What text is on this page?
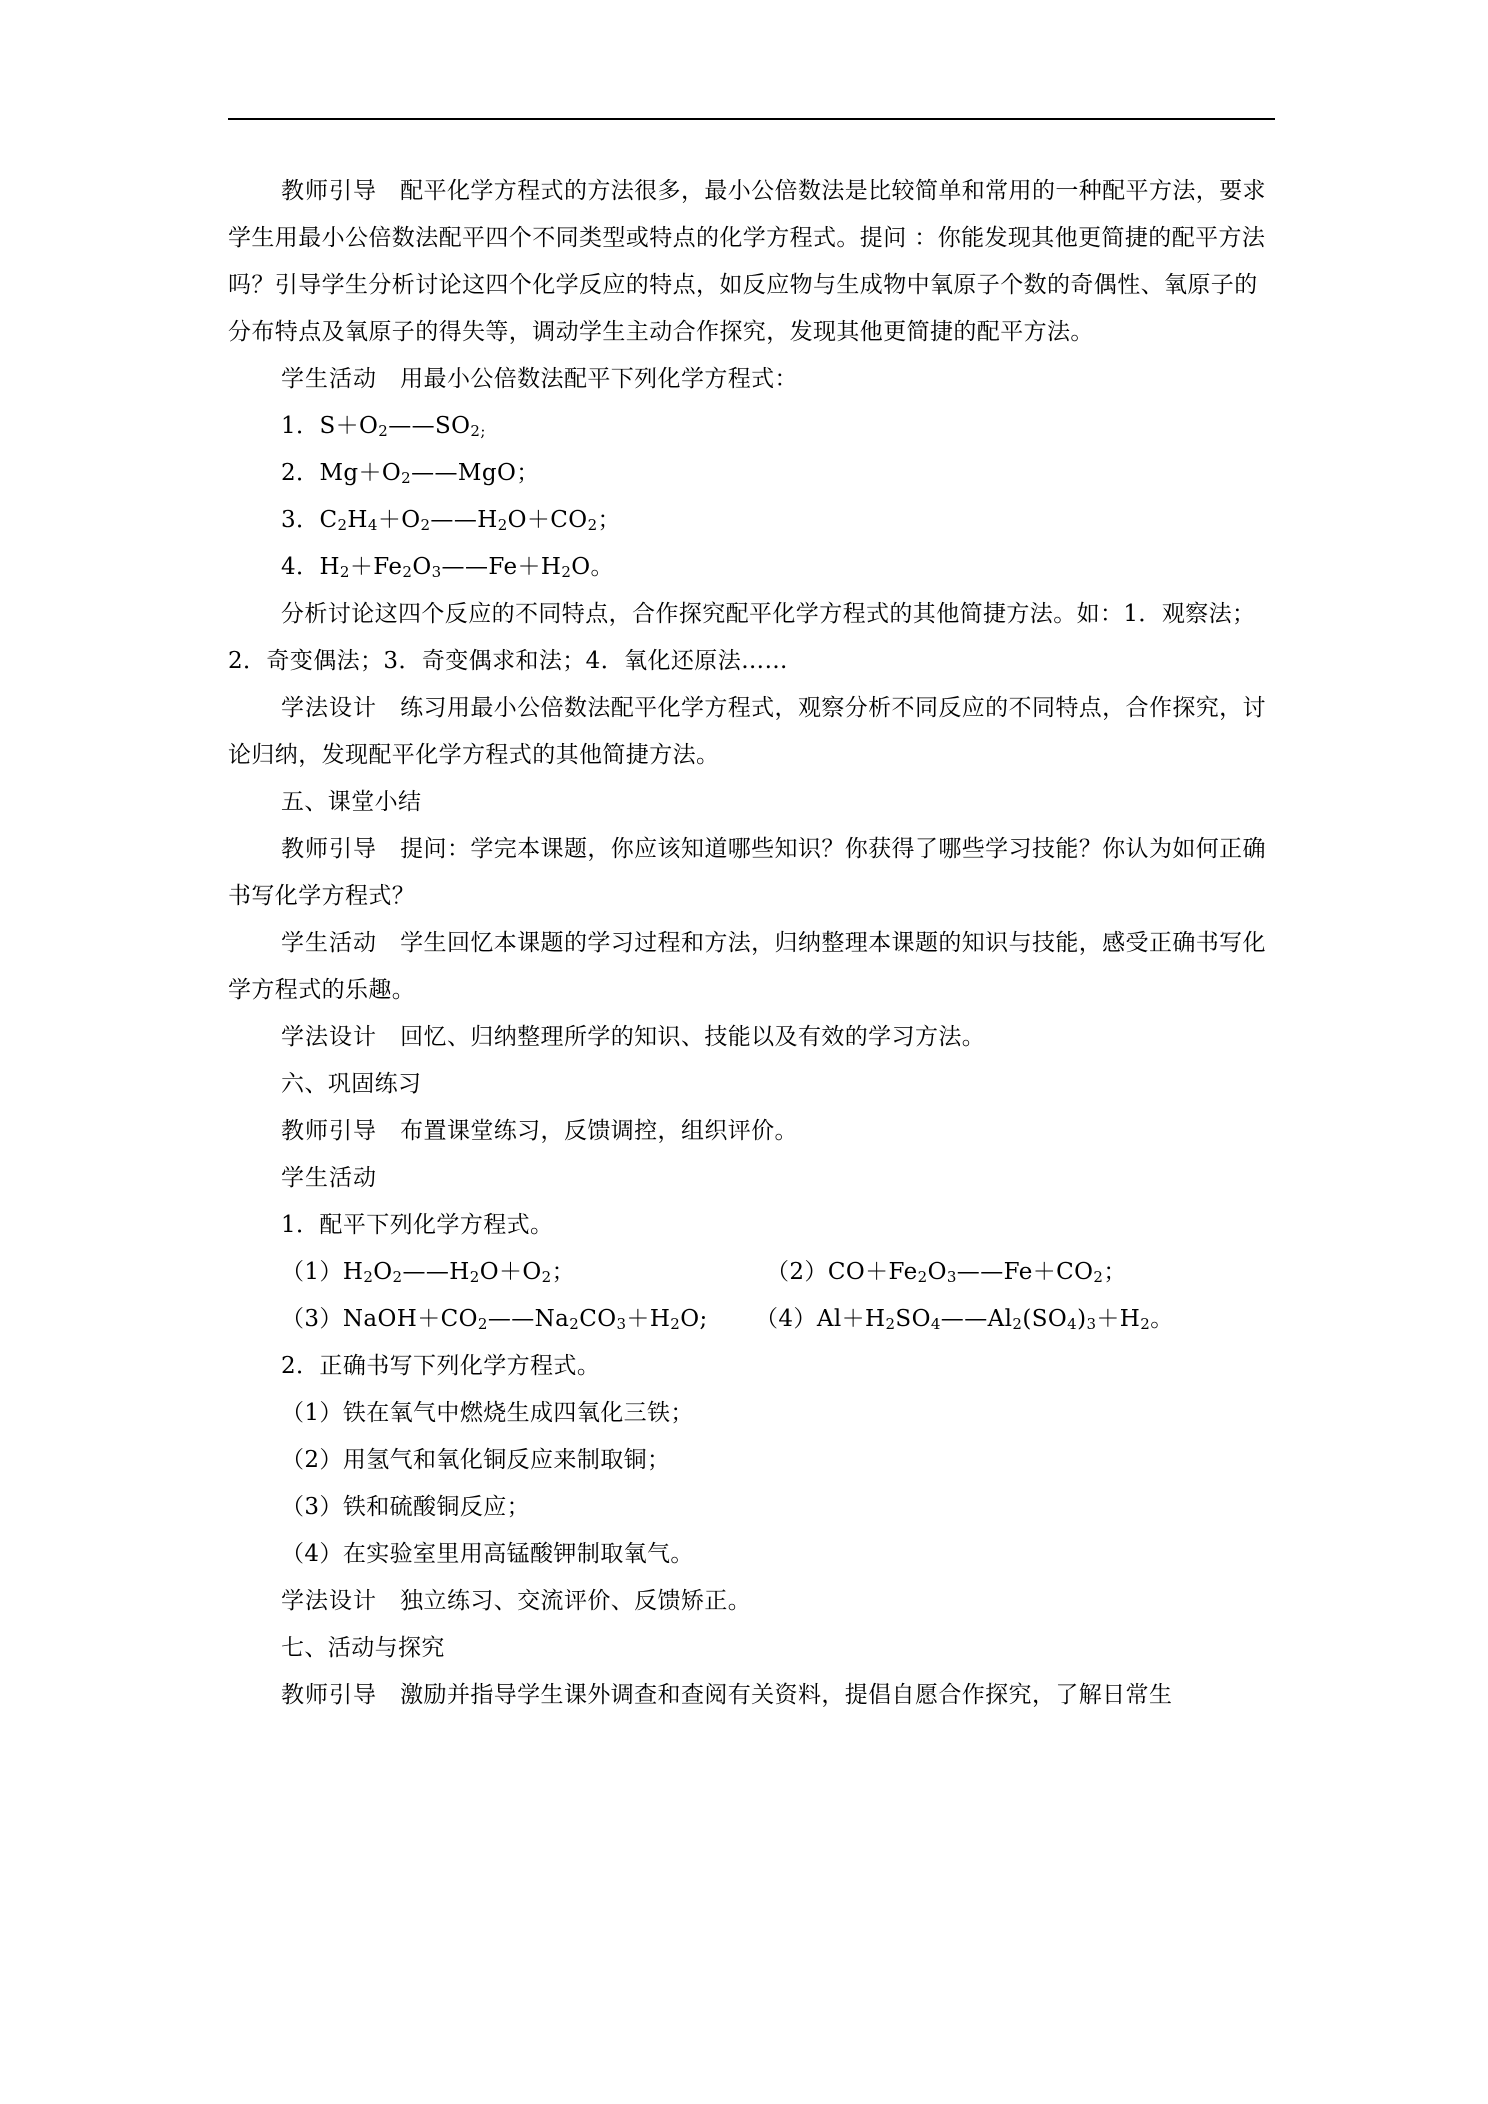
教师引导 配平化学方程式的方法很多，最小公倍数法是比较简单和常用的一种配平方法，要求学生用最小公倍数法配平四个不同类型或特点的化学方程式。提问 ：你能发现其他更简捷的配平方法吗？引导学生分析讨论这四个化学反应的特点，如反应物与生成物中氧原子个数的奇偶性、氧原子的分布特点及氧原子的得失等，调动学生主动合作探究，发现其他更简捷的配平方法。

学生活动 用最小公倍数法配平下列化学方程式：

1．$S+O_2——SO_{2;}$

2．$Mg+O_2——MgO$；

3．$C_2H_4+O_2——H_2O+CO_2$；

4．$H_2+Fe_2O_3——Fe+H_2O$。

分析讨论这四个反应的不同特点，合作探究配平化学方程式的其他简捷方法。如：1．观察法；2．奇变偶法；3．奇变偶求和法；4．氧化还原法……

学法设计 练习用最小公倍数法配平化学方程式，观察分析不同反应的不同特点，合作探究，讨论归纳，发现配平化学方程式的其他简捷方法。

五、课堂小结

教师引导 提问：学完本课题，你应该知道哪些知识？你获得了哪些学习技能？你认为如何正确书写化学方程式？

学生活动 学生回忆本课题的学习过程和方法，归纳整理本课题的知识与技能，感受正确书写化学方程式的乐趣。

学法设计 回忆、归纳整理所学的知识、技能以及有效的学习方法。

六、巩固练习

教师引导 布置课堂练习，反馈调控，组织评价。

学生活动

1．配平下列化学方程式。

$(1)H_2O_2——H_2O+O_2$；	$(2)CO+Fe_2O_3——Fe+CO_2$；

$(3)NaOH+CO_2——Na_2CO_3+H_2O$;	$(4)Al+H_2SO_4——Al_2(SO_4)_3+H_2$。

2．正确书写下列化学方程式。

（1）铁在氧气中燃烧生成四氧化三铁；

（2）用氢气和氧化铜反应来制取铜；

（3）铁和硫酸铜反应；

（4）在实验室里用高锰酸钾制取氧气。

学法设计 独立练习、交流评价、反馈矫正。

七、活动与探究

教师引导 激励并指导学生课外调查和查阅有关资料，提倡自愿合作探究，了解日常生
